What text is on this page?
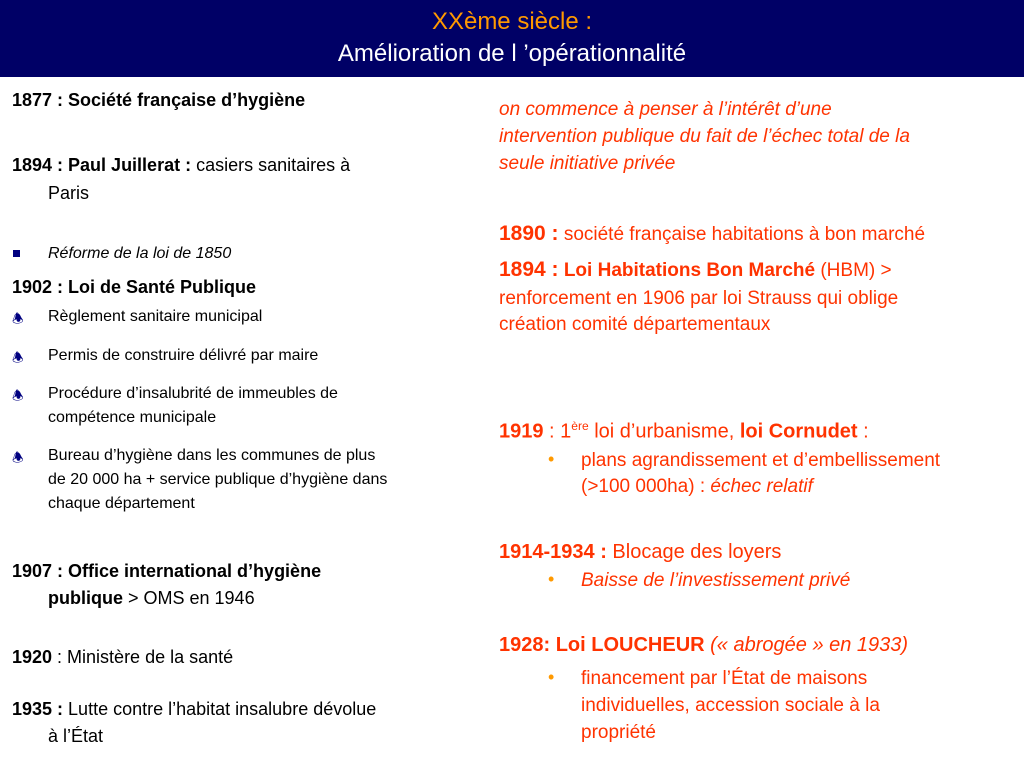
XXème siècle :
Amélioration de l ’opérationnalité
1877 : Société française d’hygiène
1894 : Paul Juillerat : casiers sanitaires à
Paris
Réforme de la loi de 1850
1902 : Loi de Santé Publique
🕭 Règlement sanitaire municipal
🕭 Permis de construire délivré par maire
🕭 Procédure d’insalubrité de immeubles de
compétence municipale
🕭 Bureau d’hygiène dans les communes de plus
de 20 000 ha + service publique d’hygiène dans
chaque département
1907 : Office international d’hygiène
publique > OMS en 1946
1920 : Ministère de la santé
1935 : Lutte contre l’habitat insalubre dévolue
à l’État
on commence à penser à l’intérêt d’une
intervention publique du fait de l’échec total de la
seule initiative privée
1890 : société française habitations à bon marché
1894 : Loi Habitations Bon Marché (HBM) >
renforcement en 1906 par loi Strauss qui oblige
création comité départementaux
1919 : 1ère loi d’urbanisme, loi Cornudet :
• plans agrandissement et d’embellissement
(>100 000ha) : échec relatif
1914-1934 : Blocage des loyers
• Baisse de l’investissement privé
1928: Loi LOUCHEUR (« abrogée » en 1933)
• financement par l’État de maisons
individuelles, accession sociale à la
propriété
